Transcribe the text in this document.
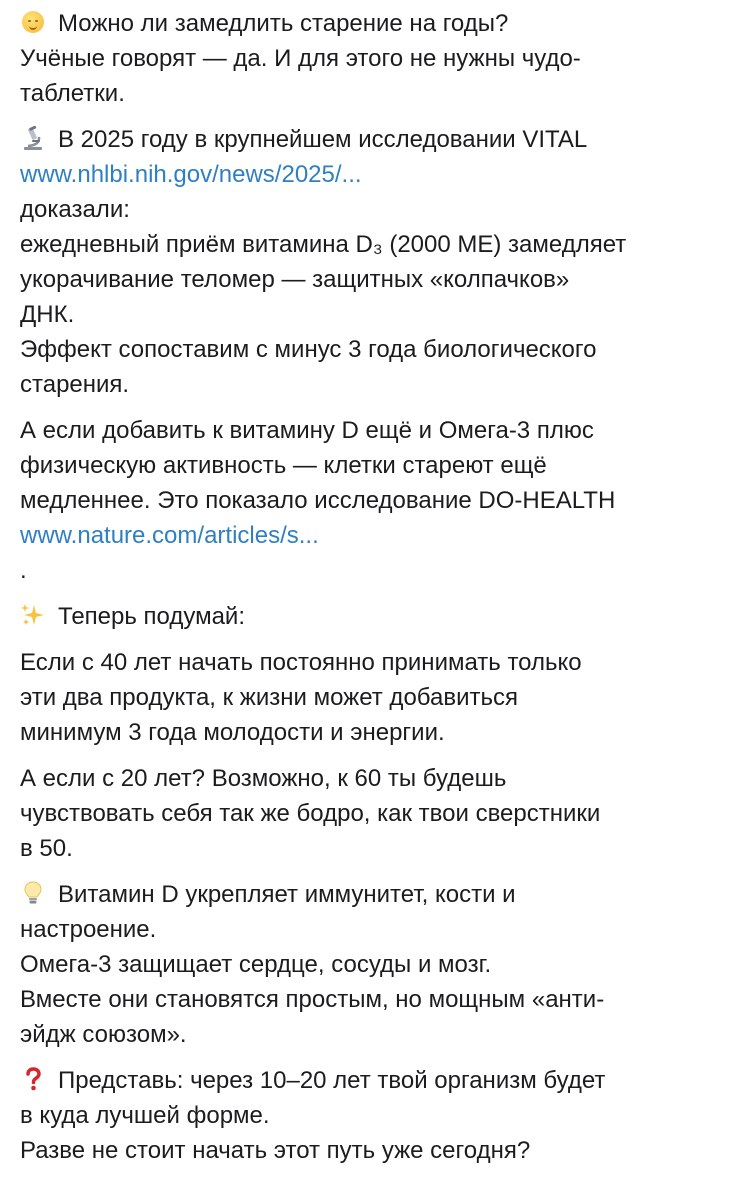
Можно ли замедлить старение на годы?
Учёные говорят — да. И для этого не нужны чудо-
таблетки.
В 2025 году в крупнейшем исследовании VITAL
www.nhlbi.nih.gov/news/2025/...
доказали:
ежедневный приём витамина D₃ (2000 МЕ) замедляет
укорачивание теломер — защитных «колпачков»
ДНК.
Эффект сопоставим с минус 3 года биологического
старения.
А если добавить к витамину D ещё и Омега-3 плюс
физическую активность — клетки стареют ещё
медленнее. Это показало исследование DO-HEALTH
www.nature.com/articles/s...
.
Теперь подумай:
Если с 40 лет начать постоянно принимать только
эти два продукта, к жизни может добавиться
минимум 3 года молодости и энергии.
А если с 20 лет? Возможно, к 60 ты будешь
чувствовать себя так же бодро, как твои сверстники
в 50.
Витамин D укрепляет иммунитет, кости и
настроение.
Омега-3 защищает сердце, сосуды и мозг.
Вместе они становятся простым, но мощным «анти-
эйдж союзом».
Представь: через 10–20 лет твой организм будет
в куда лучшей форме.
Разве не стоит начать этот путь уже сегодня?
